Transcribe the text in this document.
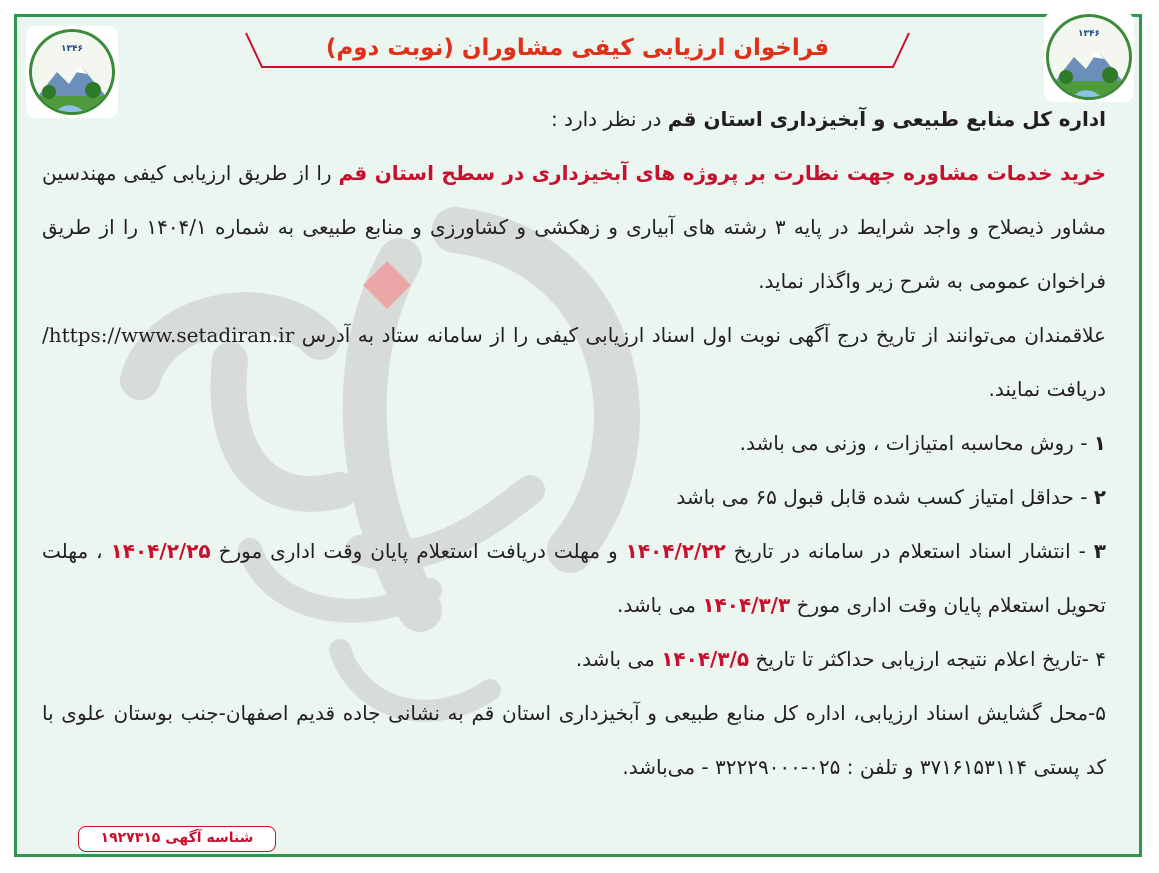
۱۳۴۶
۱۳۴۶
فراخوان ارزیابی کیفی مشاوران (نوبت دوم)

اداره کل منابع طبیعی و آبخیزداری استان قم در نظر دارد :

خرید خدمات مشاوره جهت نظارت بر پروژه های آبخیزداری در سطح استان قم را از طریق ارزیابی کیفی مهندسین مشاور ذیصلاح و واجد شرایط در پایه ۳ رشته های آبیاری و زهکشی و کشاورزی و منابع طبیعی به شماره ۱۴۰۴/۱ را از طریق فراخوان عمومی به شرح زیر واگذار نماید.

علاقمندان می‌توانند از تاریخ درج آگهی نوبت اول اسناد ارزیابی کیفی را از سامانه ستاد به آدرس https://www.setadiran.ir/ دریافت نمایند.

۱ - روش محاسبه امتیازات ، وزنی می باشد.

۲ - حداقل امتیاز کسب شده قابل قبول ۶۵ می باشد

۳ - انتشار اسناد استعلام در سامانه در تاریخ ۱۴۰۴/۲/۲۲ و مهلت دریافت استعلام پایان وقت اداری مورخ ۱۴۰۴/۲/۲۵ ، مهلت تحویل استعلام پایان وقت اداری مورخ ۱۴۰۴/۳/۳ می باشد.

۴ -تاریخ اعلام نتیجه ارزیابی حداکثر تا تاریخ ۱۴۰۴/۳/۵ می باشد.

۵-محل گشایش اسناد ارزیابی، اداره کل منابع طبیعی و آبخیزداری استان قم به نشانی جاده قدیم اصفهان-جنب بوستان علوی با کد پستی ۳۷۱۶۱۵۳۱۱۴ و تلفن : ۰۲۵-۳۲۲۲۹۰۰۰ - می‌باشد.

شناسه آگهی ۱۹۲۷۳۱۵
